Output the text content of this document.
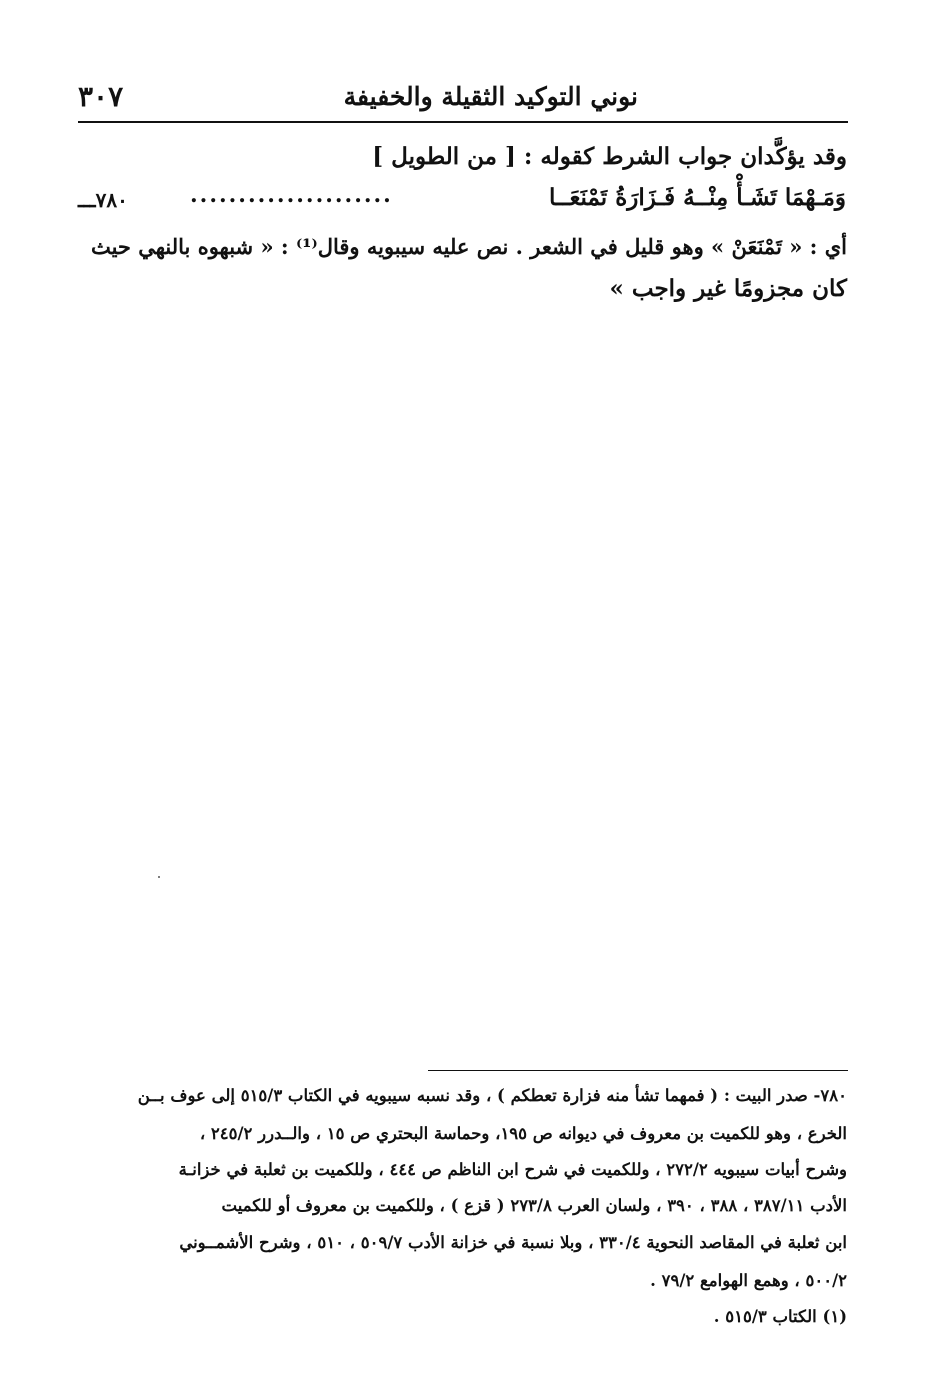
نوني التوكيد الثقيلة والخفيفة
٣٠٧
وقد يؤكَّدان جواب الشرط كقوله : [ من الطويل ]
وَمَـهْمَا تَشَـأْ مِنْــهُ فَـزَارَةُ تَمْنَعَــا
.....................
٧٨٠ـــ
أي : « تَمْنَعَنْ » وهو قليل في الشعر . نص عليه سيبويه وقال⁽¹⁾ : « شبهوه بالنهي حيث
كان مجزومًا غير واجب »
٧٨٠- صدر البيت : ( فمهما تشأ منه فزارة تعطكم ) ، وقد نسبه سيبويه في الكتاب ٥١٥/٣ إلى عوف بــن
الخرع ، وهو للكميت بن معروف في ديوانه ص ١٩٥، وحماسة البحتري ص ١٥ ، والــدرر ٢٤٥/٢ ،
وشرح أبيات سيبويه ٢٧٢/٢ ، وللكميت في شرح ابن الناظم ص ٤٤٤ ، وللكميت بن ثعلبة في خزانـة
الأدب ٣٨٧/١١ ، ٣٨٨ ، ٣٩٠ ، ولسان العرب ٢٧٣/٨ ( قزع ) ، وللكميت بن معروف أو للكميت
ابن ثعلبة في المقاصد النحوية ٣٣٠/٤ ، وبلا نسبة في خزانة الأدب ٥٠٩/٧ ، ٥١٠ ، وشرح الأشمــوني
٥٠٠/٢ ، وهمع الهوامع ٧٩/٢ .
(١) الكتاب ٥١٥/٣ .
